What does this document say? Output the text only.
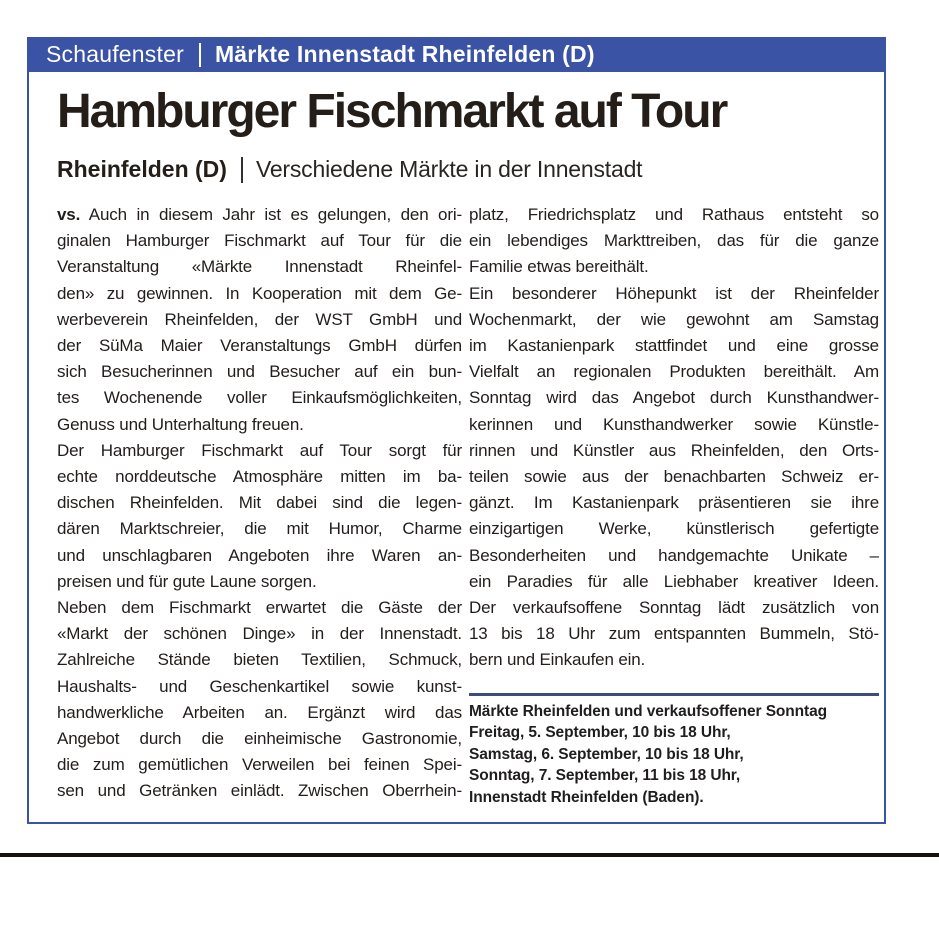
Schaufenster Märkte Innenstadt Rheinfelden (D)
Hamburger Fischmarkt auf Tour
Rheinfelden (D) Verschiedene Märkte in der Innenstadt
vs. Auch in diesem Jahr ist es gelungen, den ori-
ginalen Hamburger Fischmarkt auf Tour für die
Veranstaltung «Märkte Innenstadt Rheinfel-
den» zu gewinnen. In Kooperation mit dem Ge-
werbeverein Rheinfelden, der WST GmbH und
der SüMa Maier Veranstaltungs GmbH dürfen
sich Besucherinnen und Besucher auf ein bun-
tes Wochenende voller Einkaufsmöglichkeiten,
Genuss und Unterhaltung freuen.
Der Hamburger Fischmarkt auf Tour sorgt für
echte norddeutsche Atmosphäre mitten im ba-
dischen Rheinfelden. Mit dabei sind die legen-
dären Marktschreier, die mit Humor, Charme
und unschlagbaren Angeboten ihre Waren an-
preisen und für gute Laune sorgen.
Neben dem Fischmarkt erwartet die Gäste der
«Markt der schönen Dinge» in der Innenstadt.
Zahlreiche Stände bieten Textilien, Schmuck,
Haushalts- und Geschenkartikel sowie kunst-
handwerkliche Arbeiten an. Ergänzt wird das
Angebot durch die einheimische Gastronomie,
die zum gemütlichen Verweilen bei feinen Spei-
sen und Getränken einlädt. Zwischen Oberrhein-
platz, Friedrichsplatz und Rathaus entsteht so
ein lebendiges Markttreiben, das für die ganze
Familie etwas bereithält.
Ein besonderer Höhepunkt ist der Rheinfelder
Wochenmarkt, der wie gewohnt am Samstag
im Kastanienpark stattfindet und eine grosse
Vielfalt an regionalen Produkten bereithält. Am
Sonntag wird das Angebot durch Kunsthandwer-
kerinnen und Kunsthandwerker sowie Künstle-
rinnen und Künstler aus Rheinfelden, den Orts-
teilen sowie aus der benachbarten Schweiz er-
gänzt. Im Kastanienpark präsentieren sie ihre
einzigartigen Werke, künstlerisch gefertigte
Besonderheiten und handgemachte Unikate –
ein Paradies für alle Liebhaber kreativer Ideen.
Der verkaufsoffene Sonntag lädt zusätzlich von
13 bis 18 Uhr zum entspannten Bummeln, Stö-
bern und Einkaufen ein.
Märkte Rheinfelden und verkaufsoffener Sonntag
Freitag, 5. September, 10 bis 18 Uhr,
Samstag, 6. September, 10 bis 18 Uhr,
Sonntag, 7. September, 11 bis 18 Uhr,
Innenstadt Rheinfelden (Baden).
